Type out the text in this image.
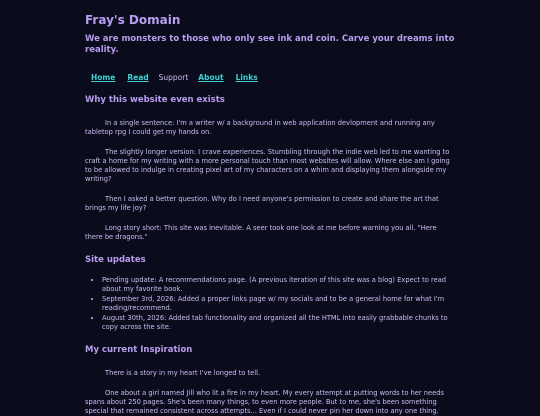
Fray's Domain

We are monsters to those who only see ink and coin. Carve your dreams into reality.

Home Read Support About Links
Why this website even exists

In a single sentence: I'm a writer w/ a background in web application devlopment and running any tabletop rpg I could get my hands on.

The slightly longer version: I crave experiences. Stumbling through the indie web led to me wanting to craft a home for my writing with a more personal touch than most websites will allow. Where else am I going to be allowed to indulge in creating pixel art of my characters on a whim and displaying them alongside my writing?

Then I asked a better question. Why do I need anyone's permission to create and share the art that brings my life joy?

Long story short: This site was inevitable. A seer took one look at me before warning you all. "Here there be dragons."

Site updates
• Pending update: A recommendations page. (A previous iteration of this site was a blog) Expect to read about my favorite book.
• September 3rd, 2026: Added a proper links page w/ my socials and to be a general home for what I'm reading/recommend.
• August 30th, 2026: Added tab functionality and organized all the HTML into easily grabbable chunks to copy across the site.
My current Inspiration

There is a story in my heart I've longed to tell.

One about a girl named Jill who lit a fire in my heart. My every attempt at putting words to her needs spans about 250 pages. She's been many things, to even more people. But to me, she's been something special that remained consistent across attempts... Even if I could never pin her down into any one thing.
